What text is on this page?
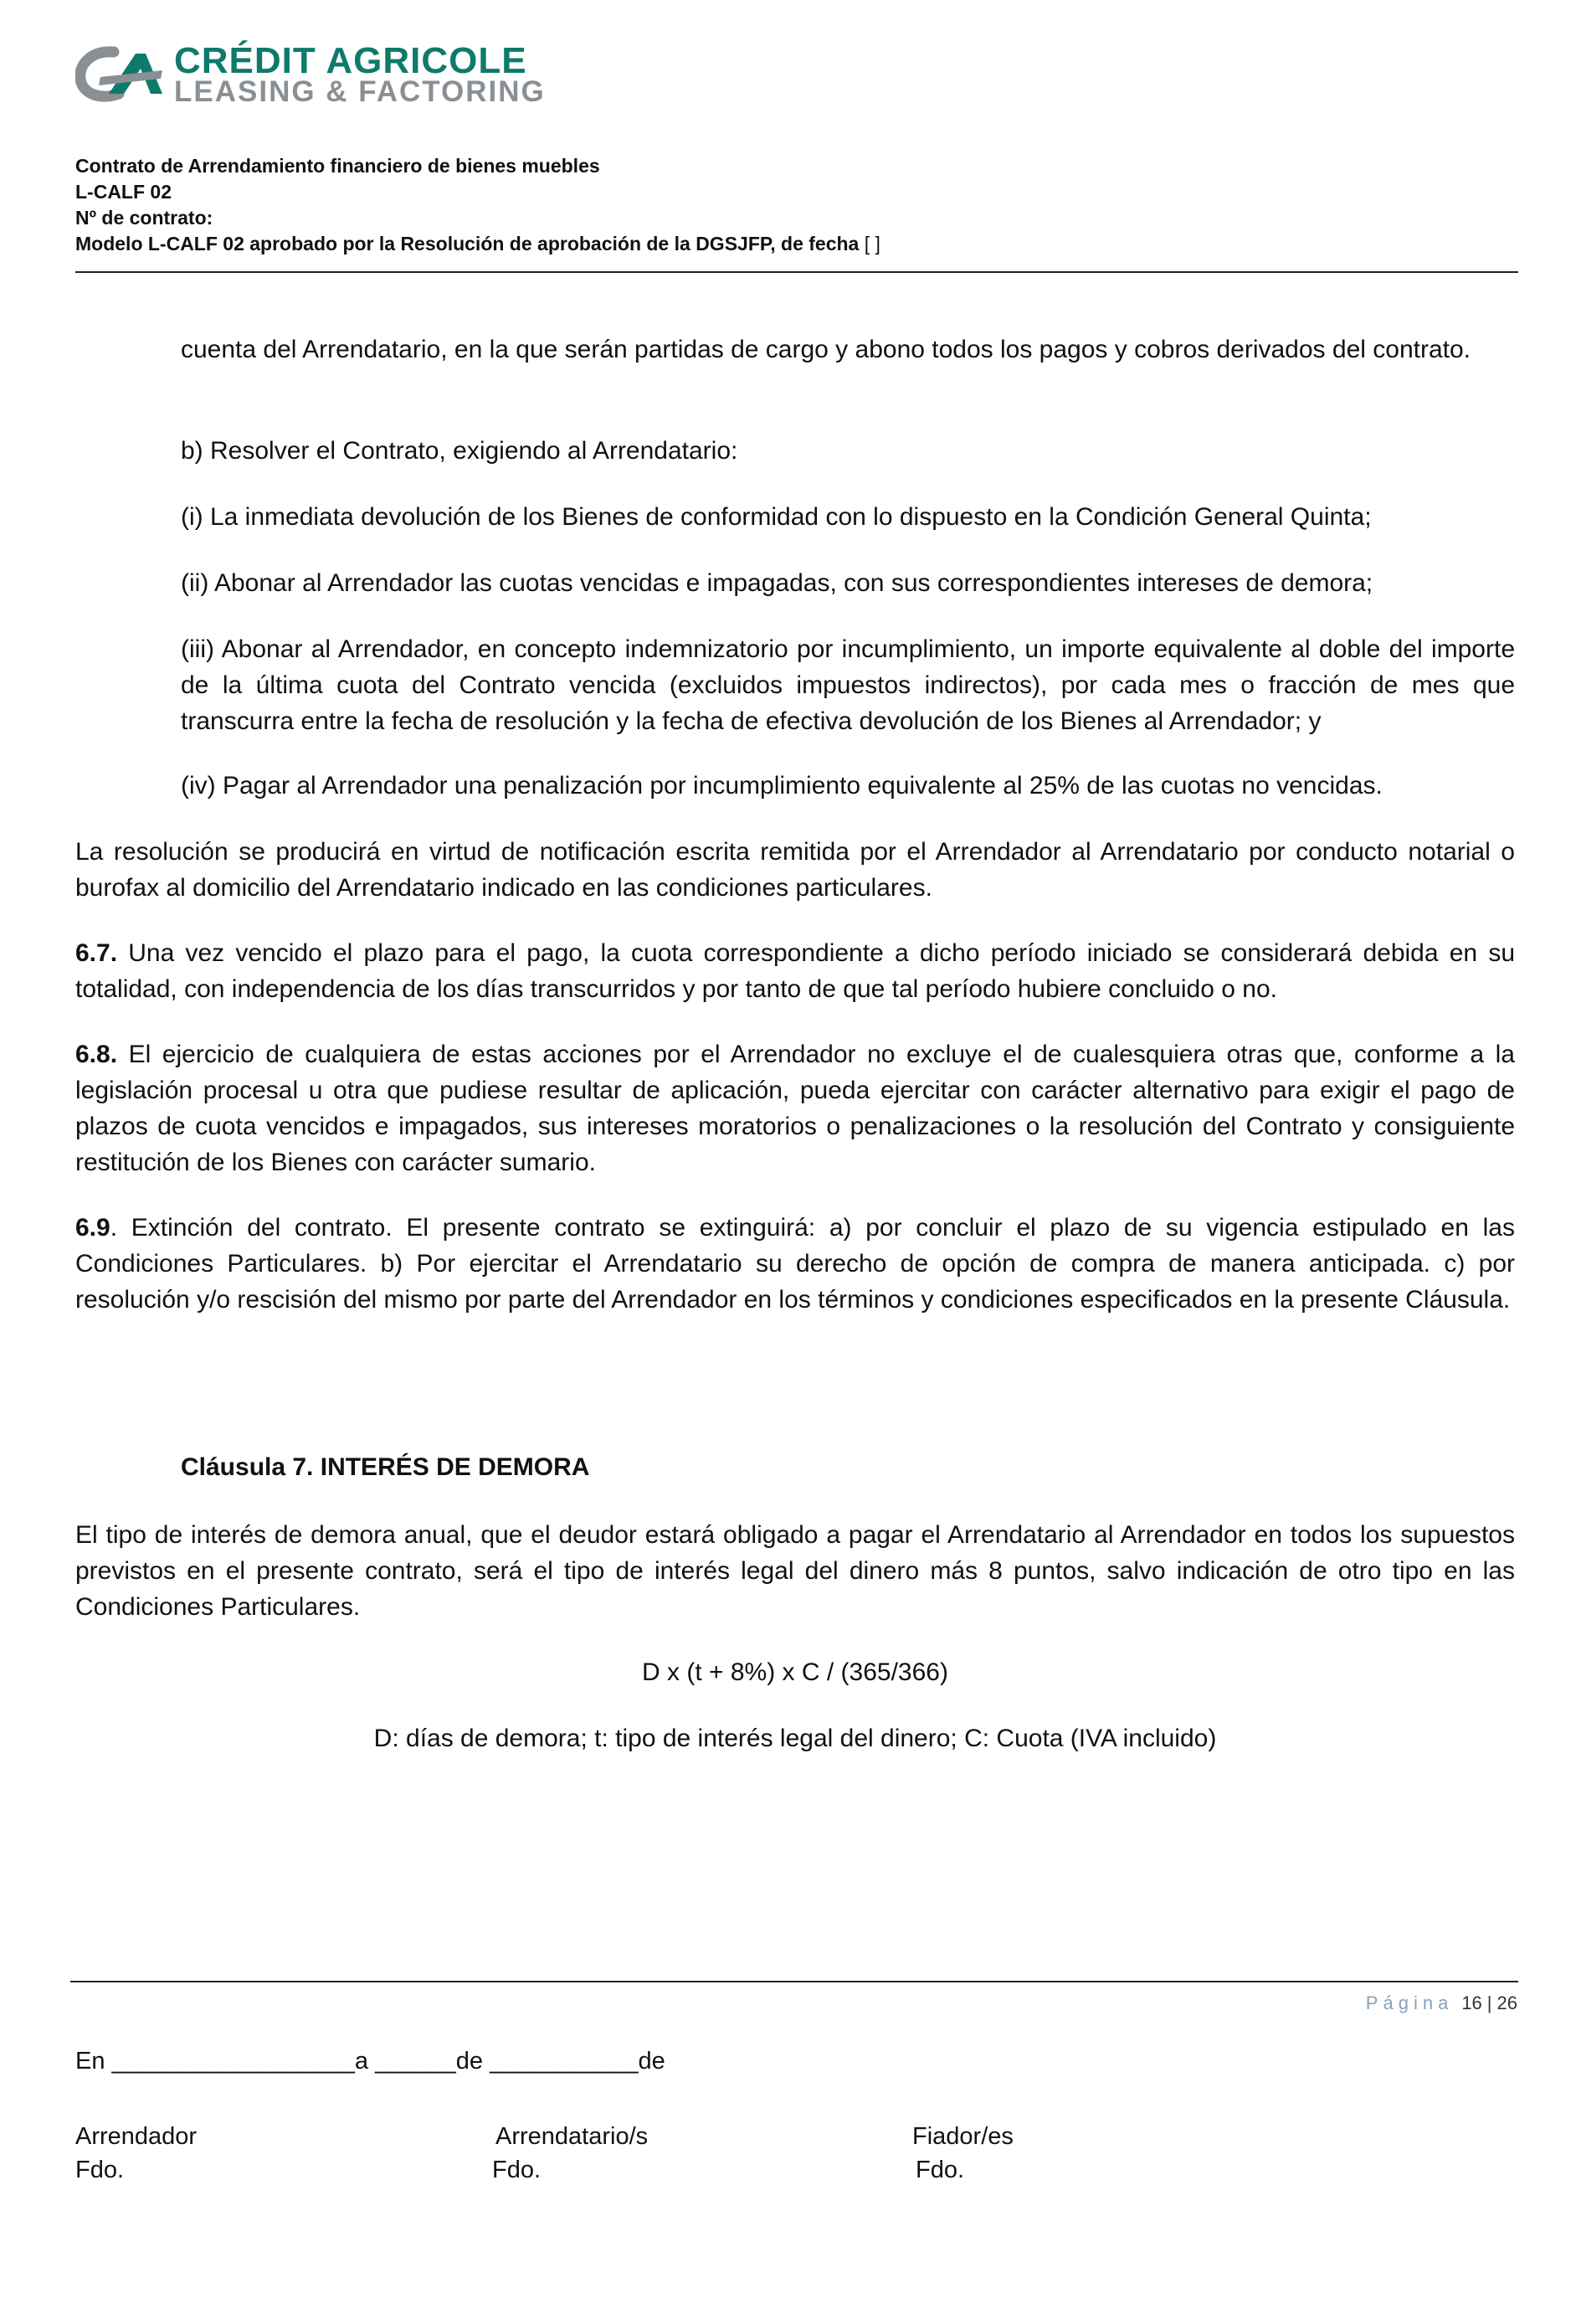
CRÉDIT AGRICOLE
LEASING & FACTORING
Contrato de Arrendamiento financiero de bienes muebles
L-CALF 02
Nº de contrato:
Modelo L-CALF 02 aprobado por la Resolución de aprobación de la DGSJFP, de fecha [ ]

cuenta del Arrendatario, en la que serán partidas de cargo y abono todos los pagos y cobros derivados del contrato.

b) Resolver el Contrato, exigiendo al Arrendatario:

(i) La inmediata devolución de los Bienes de conformidad con lo dispuesto en la Condición General Quinta;

(ii) Abonar al Arrendador las cuotas vencidas e impagadas, con sus correspondientes intereses de demora;

(iii) Abonar al Arrendador, en concepto indemnizatorio por incumplimiento, un importe equivalente al doble del importe de la última cuota del Contrato vencida (excluidos impuestos indirectos), por cada mes o fracción de mes que transcurra entre la fecha de resolución y la fecha de efectiva devolución de los Bienes al Arrendador; y

(iv) Pagar al Arrendador una penalización por incumplimiento equivalente al 25% de las cuotas no vencidas.

La resolución se producirá en virtud de notificación escrita remitida por el Arrendador al Arrendatario por conducto notarial o burofax al domicilio del Arrendatario indicado en las condiciones particulares.

6.7. Una vez vencido el plazo para el pago, la cuota correspondiente a dicho período iniciado se considerará debida en su totalidad, con independencia de los días transcurridos y por tanto de que tal período hubiere concluido o no.

6.8. El ejercicio de cualquiera de estas acciones por el Arrendador no excluye el de cualesquiera otras que, conforme a la legislación procesal u otra que pudiese resultar de aplicación, pueda ejercitar con carácter alternativo para exigir el pago de plazos de cuota vencidos e impagados, sus intereses moratorios o penalizaciones o la resolución del Contrato y consiguiente restitución de los Bienes con carácter sumario.

6.9. Extinción del contrato. El presente contrato se extinguirá: a) por concluir el plazo de su vigencia estipulado en las Condiciones Particulares. b) Por ejercitar el Arrendatario su derecho de opción de compra de manera anticipada. c) por resolución y/o rescisión del mismo por parte del Arrendador en los términos y condiciones especificados en la presente Cláusula.

Cláusula 7. INTERÉS DE DEMORA

El tipo de interés de demora anual, que el deudor estará obligado a pagar el Arrendatario al Arrendador en todos los supuestos previstos en el presente contrato, será el tipo de interés legal del dinero más 8 puntos, salvo indicación de otro tipo en las Condiciones Particulares.

D x (t + 8%) x C / (365/366)
D: días de demora; t: tipo de interés legal del dinero; C: Cuota (IVA incluido)
Página 16 | 26
En __________________a ______de ___________de
Arrendador
Fdo.
Arrendatario/s
Fdo.
Fiador/es
Fdo.
